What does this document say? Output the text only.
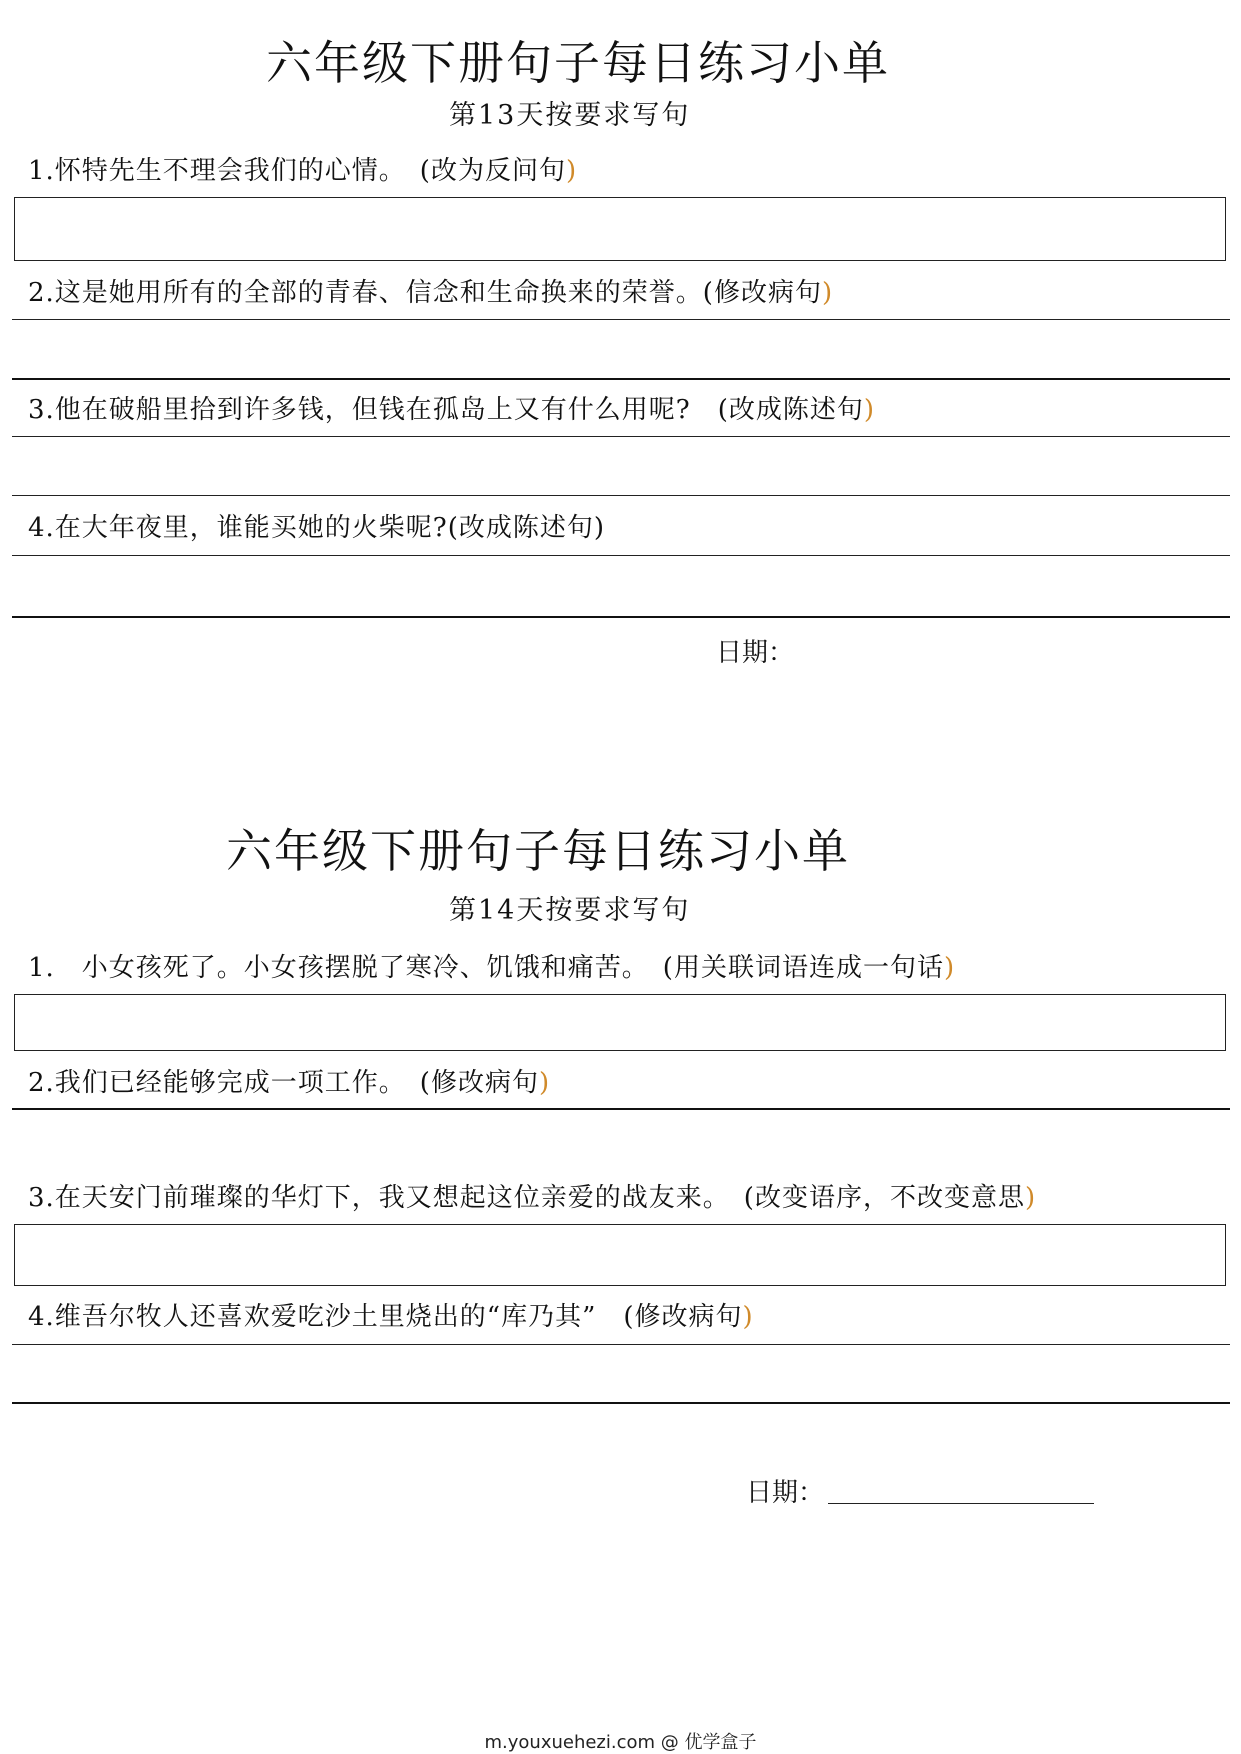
六年级下册句子每日练习小单
第13天按要求写句
1.怀特先生不理会我们的心情。　(改为反问句)
2.这是她用所有的全部的青春、信念和生命换来的荣誉。(修改病句)
3.他在破船里拾到许多钱，但钱在孤岛上又有什么用呢?　(改成陈述句)
4.在大年夜里，谁能买她的火柴呢?(改成陈述句)
日期：
六年级下册句子每日练习小单
第14天按要求写句
1.　小女孩死了。小女孩摆脱了寒冷、饥饿和痛苦。　(用关联词语连成一句话)
2.我们已经能够完成一项工作。　(修改病句)
3.在天安门前璀璨的华灯下，我又想起这位亲爱的战友来。　(改变语序，不改变意思)
4.维吾尔牧人还喜欢爱吃沙土里烧出的“库乃其”　(修改病句)
日期：
m.youxuehezi.com @ 优学盒子
